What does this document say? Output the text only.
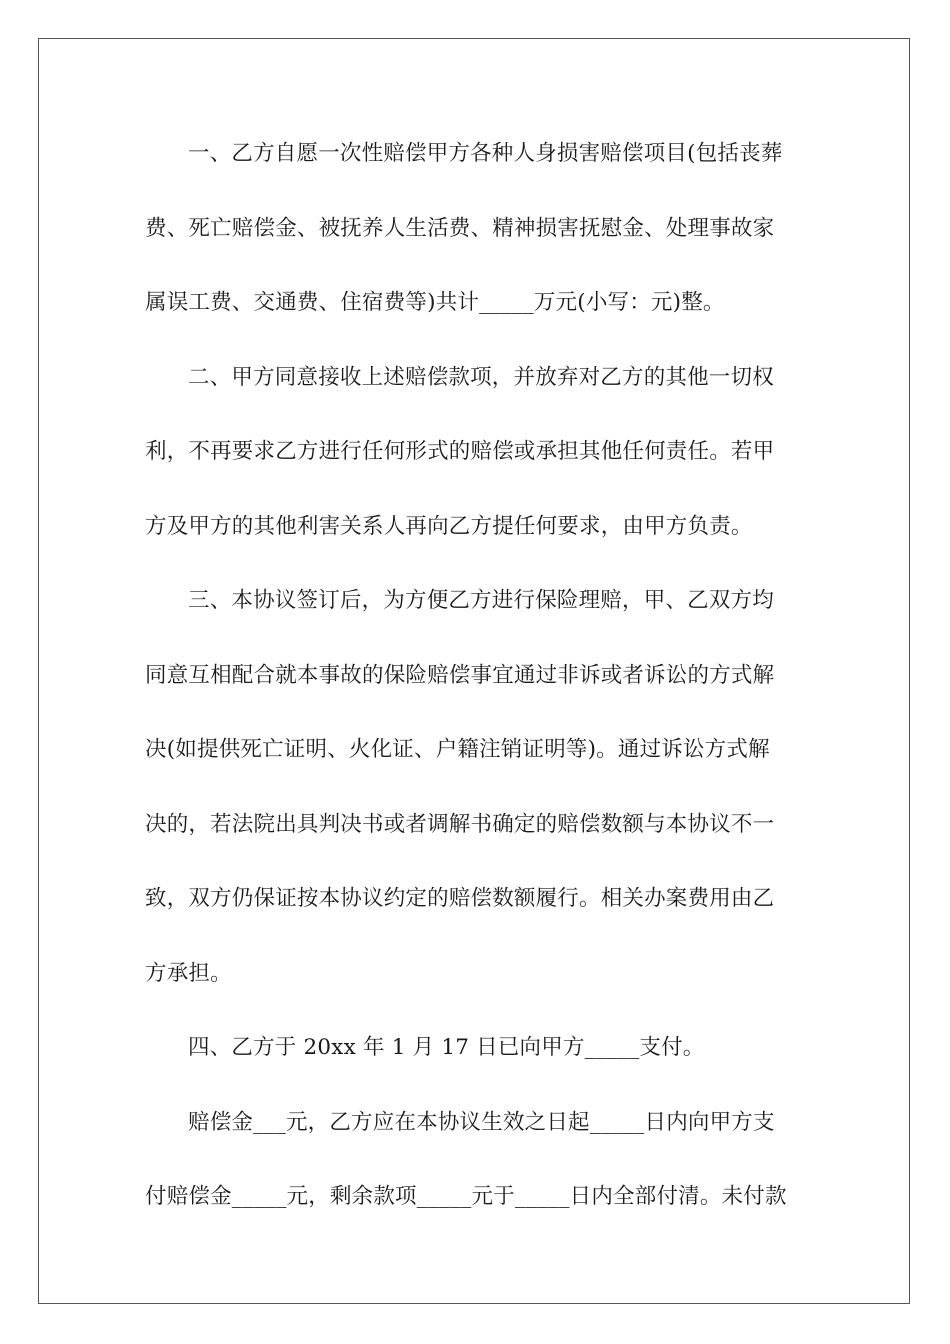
一、乙方自愿一次性赔偿甲方各种人身损害赔偿项目(包括丧葬
费、死亡赔偿金、被抚养人生活费、精神损害抚慰金、处理事故家
属误工费、交通费、住宿费等)共计_____万元(小写：元)整。
二、甲方同意接收上述赔偿款项，并放弃对乙方的其他一切权
利，不再要求乙方进行任何形式的赔偿或承担其他任何责任。若甲
方及甲方的其他利害关系人再向乙方提任何要求，由甲方负责。
三、本协议签订后，为方便乙方进行保险理赔，甲、乙双方均
同意互相配合就本事故的保险赔偿事宜通过非诉或者诉讼的方式解
决(如提供死亡证明、火化证、户籍注销证明等)。通过诉讼方式解
决的，若法院出具判决书或者调解书确定的赔偿数额与本协议不一
致，双方仍保证按本协议约定的赔偿数额履行。相关办案费用由乙
方承担。
四、乙方于 20xx 年 1 月 17 日已向甲方_____支付。
赔偿金___元，乙方应在本协议生效之日起_____日内向甲方支
付赔偿金_____元，剩余款项_____元于_____日内全部付清。未付款
